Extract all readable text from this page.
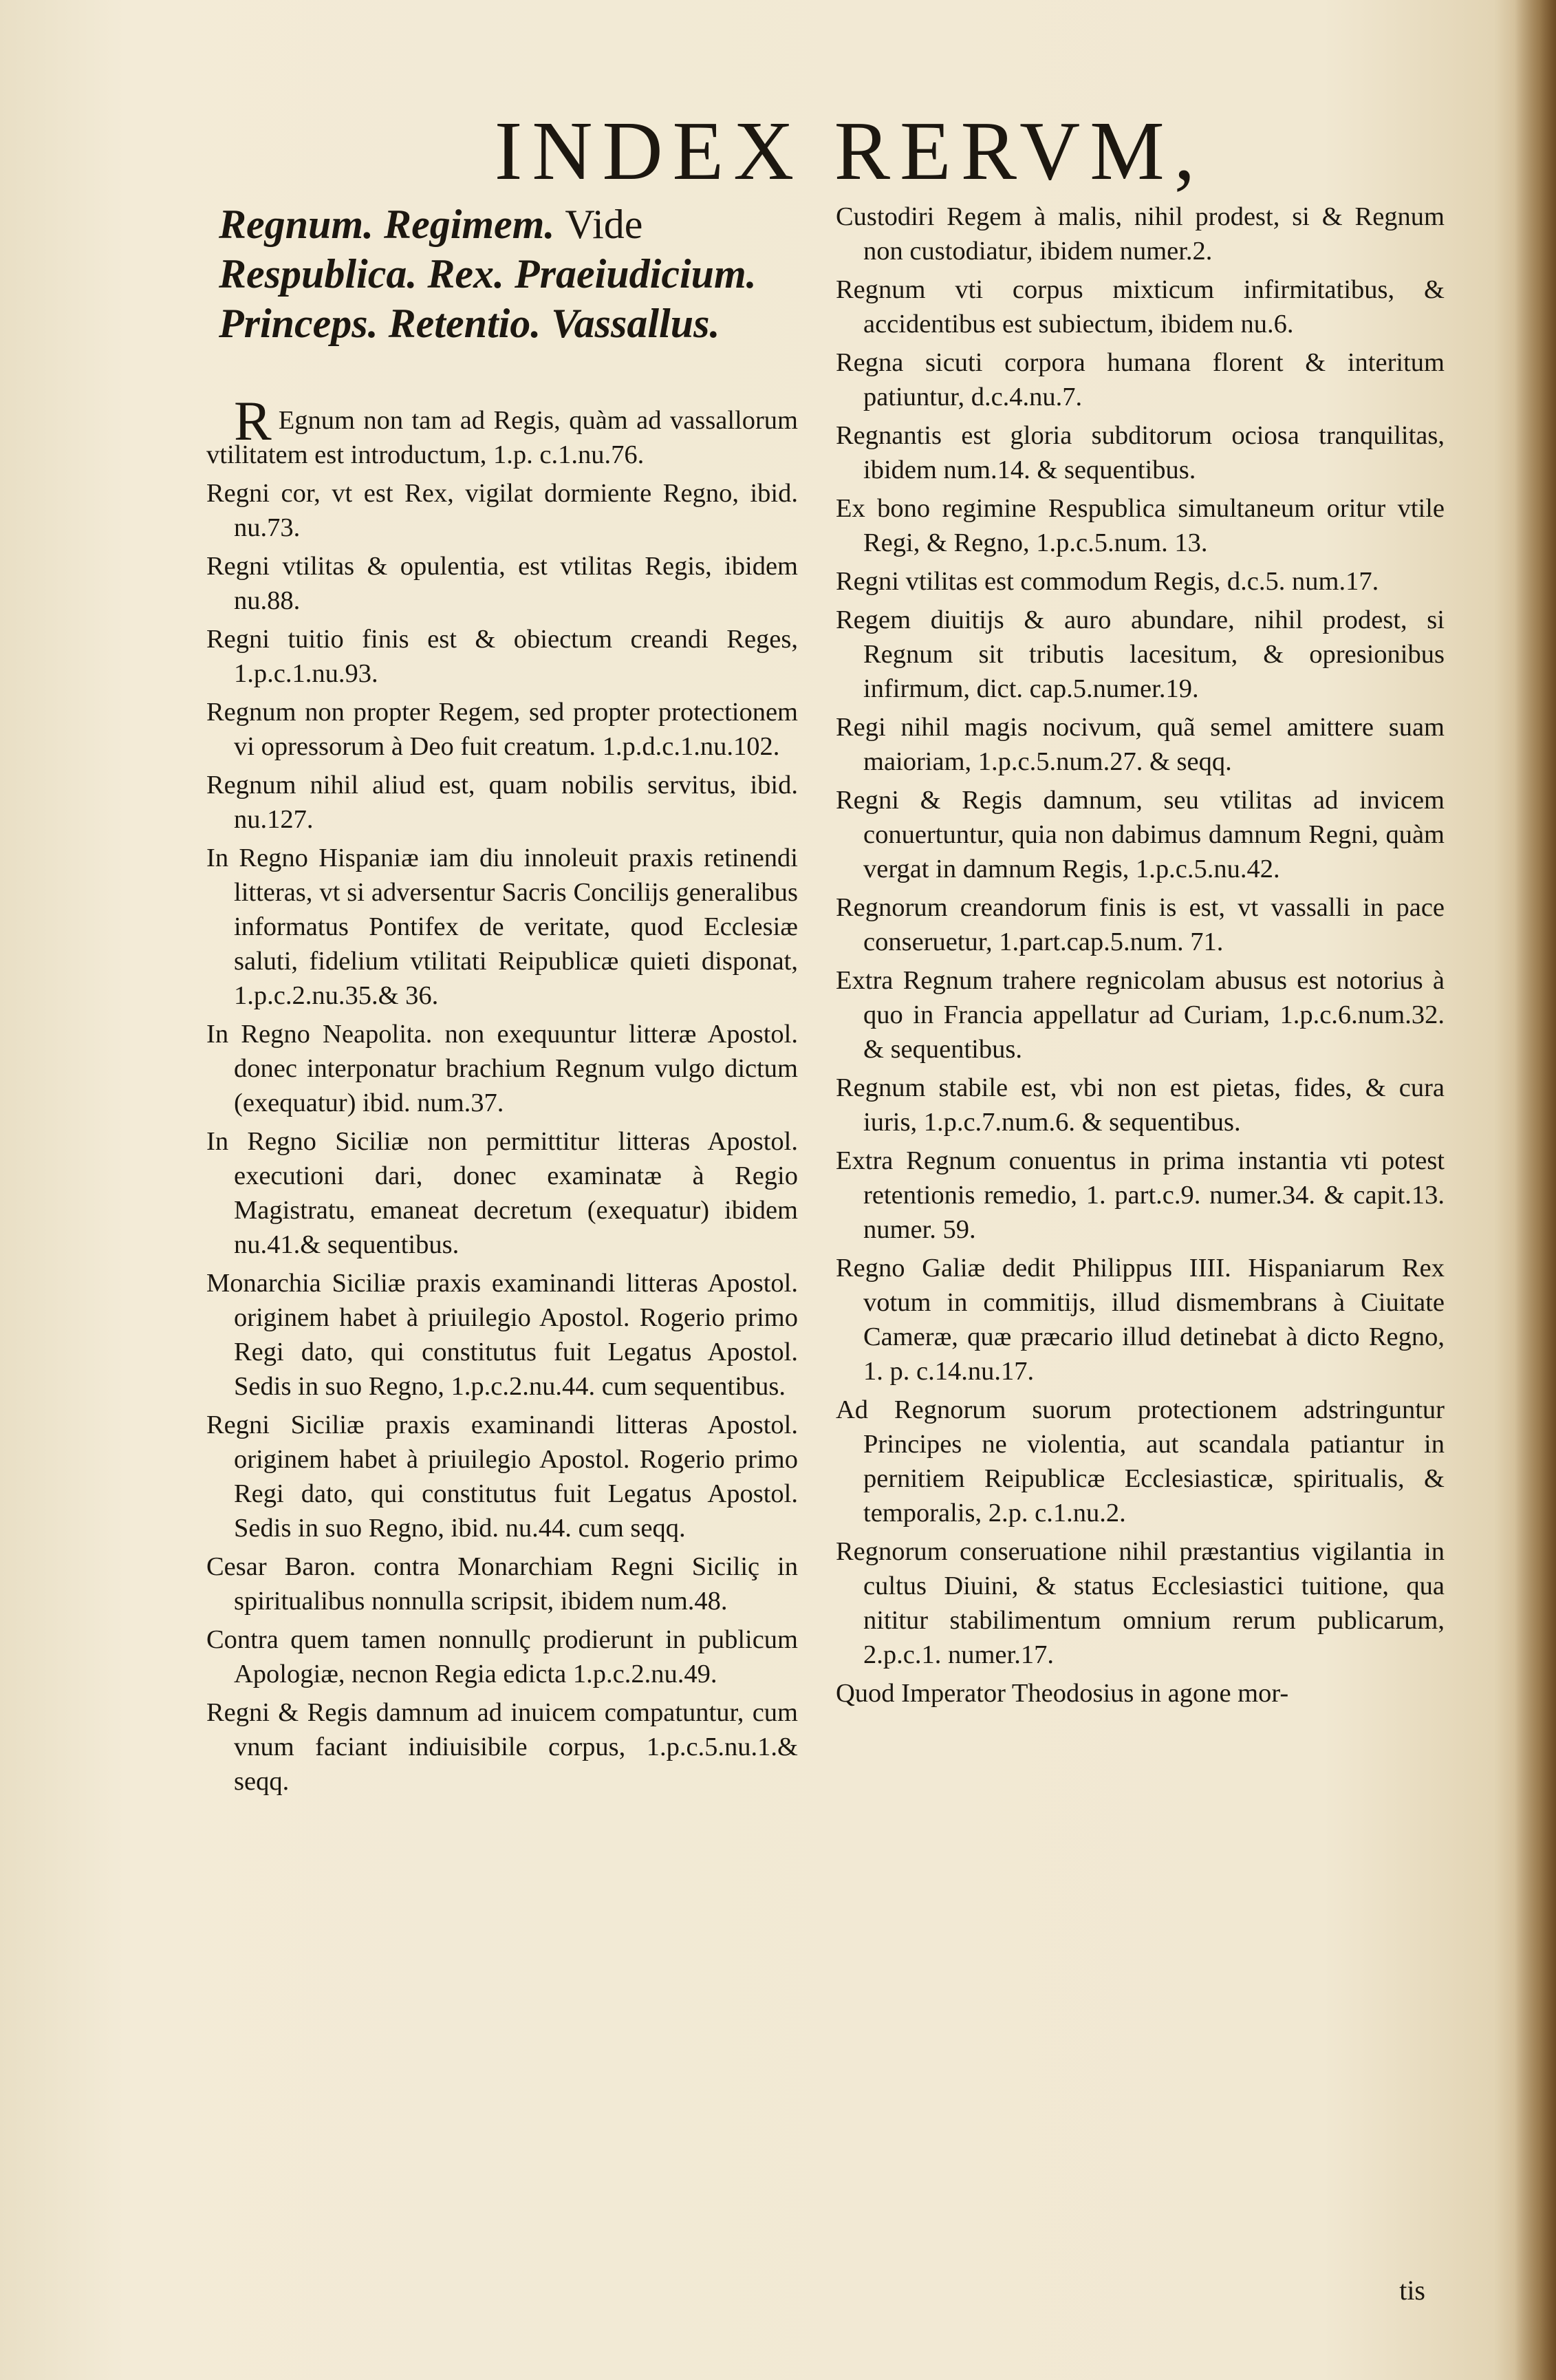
INDEX RERVM,
Regnum. Regimem. Vide Respublica. Rex. Praeiudicium. Princeps. Retentio. Vassallus.

R Egnum non tam ad Regis, quàm ad vassallorum vtilitatem est introductum, 1.p. c.1.nu.76.

Regni cor, vt est Rex, vigilat dormiente Regno, ibid. nu.73.

Regni vtilitas & opulentia, est vtilitas Regis, ibidem nu.88.

Regni tuitio finis est & obiectum creandi Reges, 1.p.c.1.nu.93.

Regnum non propter Regem, sed propter protectionem vi opressorum à Deo fuit creatum. 1.p.d.c.1.nu.102.

Regnum nihil aliud est, quam nobilis servitus, ibid. nu.127.

In Regno Hispaniæ iam diu innoleuit praxis retinendi litteras, vt si adversentur Sacris Concilijs generalibus informatus Pontifex de veritate, quod Ecclesiæ saluti, fidelium vtilitati Reipublicæ quieti disponat, 1.p.c.2.nu.35.& 36.

In Regno Neapolita. non exequuntur litteræ Apostol. donec interponatur brachium Regnum vulgo dictum (exequatur) ibid. num.37.

In Regno Siciliæ non permittitur litteras Apostol. executioni dari, donec examinatæ à Regio Magistratu, emaneat decretum (exequatur) ibidem nu.41.& sequentibus.

Monarchia Siciliæ praxis examinandi litteras Apostol. originem habet à priuilegio Apostol. Rogerio primo Regi dato, qui constitutus fuit Legatus Apostol. Sedis in suo Regno, 1.p.c.2.nu.44. cum sequentibus.

Regni Siciliæ praxis examinandi litteras Apostol. originem habet à priuilegio Apostol. Rogerio primo Regi dato, qui constitutus fuit Legatus Apostol. Sedis in suo Regno, ibid. nu.44. cum seqq.

Cesar Baron. contra Monarchiam Regni Siciliç in spiritualibus nonnulla scripsit, ibidem num.48.

Contra quem tamen nonnullç prodierunt in publicum Apologiæ, necnon Regia edicta 1.p.c.2.nu.49.

Regni & Regis damnum ad inuicem compatuntur, cum vnum faciant indiuisibile corpus, 1.p.c.5.nu.1.& seqq.

Custodiri Regem à malis, nihil prodest, si & Regnum non custodiatur, ibidem numer.2.

Regnum vti corpus mixticum infirmitatibus, & accidentibus est subiectum, ibidem nu.6.

Regna sicuti corpora humana florent & interitum patiuntur, d.c.4.nu.7.

Regnantis est gloria subditorum ociosa tranquilitas, ibidem num.14. & sequentibus.

Ex bono regimine Respublica simultaneum oritur vtile Regi, & Regno, 1.p.c.5.num. 13.

Regni vtilitas est commodum Regis, d.c.5. num.17.

Regem diuitijs & auro abundare, nihil prodest, si Regnum sit tributis lacesitum, & opresionibus infirmum, dict. cap.5.numer.19.

Regi nihil magis nocivum, quã semel amittere suam maioriam, 1.p.c.5.num.27. & seqq.

Regni & Regis damnum, seu vtilitas ad invicem conuertuntur, quia non dabimus damnum Regni, quàm vergat in damnum Regis, 1.p.c.5.nu.42.

Regnorum creandorum finis is est, vt vassalli in pace conseruetur, 1.part.cap.5.num. 71.

Extra Regnum trahere regnicolam abusus est notorius à quo in Francia appellatur ad Curiam, 1.p.c.6.num.32. & sequentibus.

Regnum stabile est, vbi non est pietas, fides, & cura iuris, 1.p.c.7.num.6. & sequentibus.

Extra Regnum conuentus in prima instantia vti potest retentionis remedio, 1. part.c.9. numer.34. & capit.13. numer. 59.

Regno Galiæ dedit Philippus IIII. Hispaniarum Rex votum in commitijs, illud dismembrans à Ciuitate Cameræ, quæ præcario illud detinebat à dicto Regno, 1. p. c.14.nu.17.

Ad Regnorum suorum protectionem adstringuntur Principes ne violentia, aut scandala patiantur in pernitiem Reipublicæ Ecclesiasticæ, spiritualis, & temporalis, 2.p. c.1.nu.2.

Regnorum conseruatione nihil præstantius vigilantia in cultus Diuini, & status Ecclesiastici tuitione, qua nititur stabilimentum omnium rerum publicarum, 2.p.c.1. numer.17.

Quod Imperator Theodosius in agone mor-

tis
